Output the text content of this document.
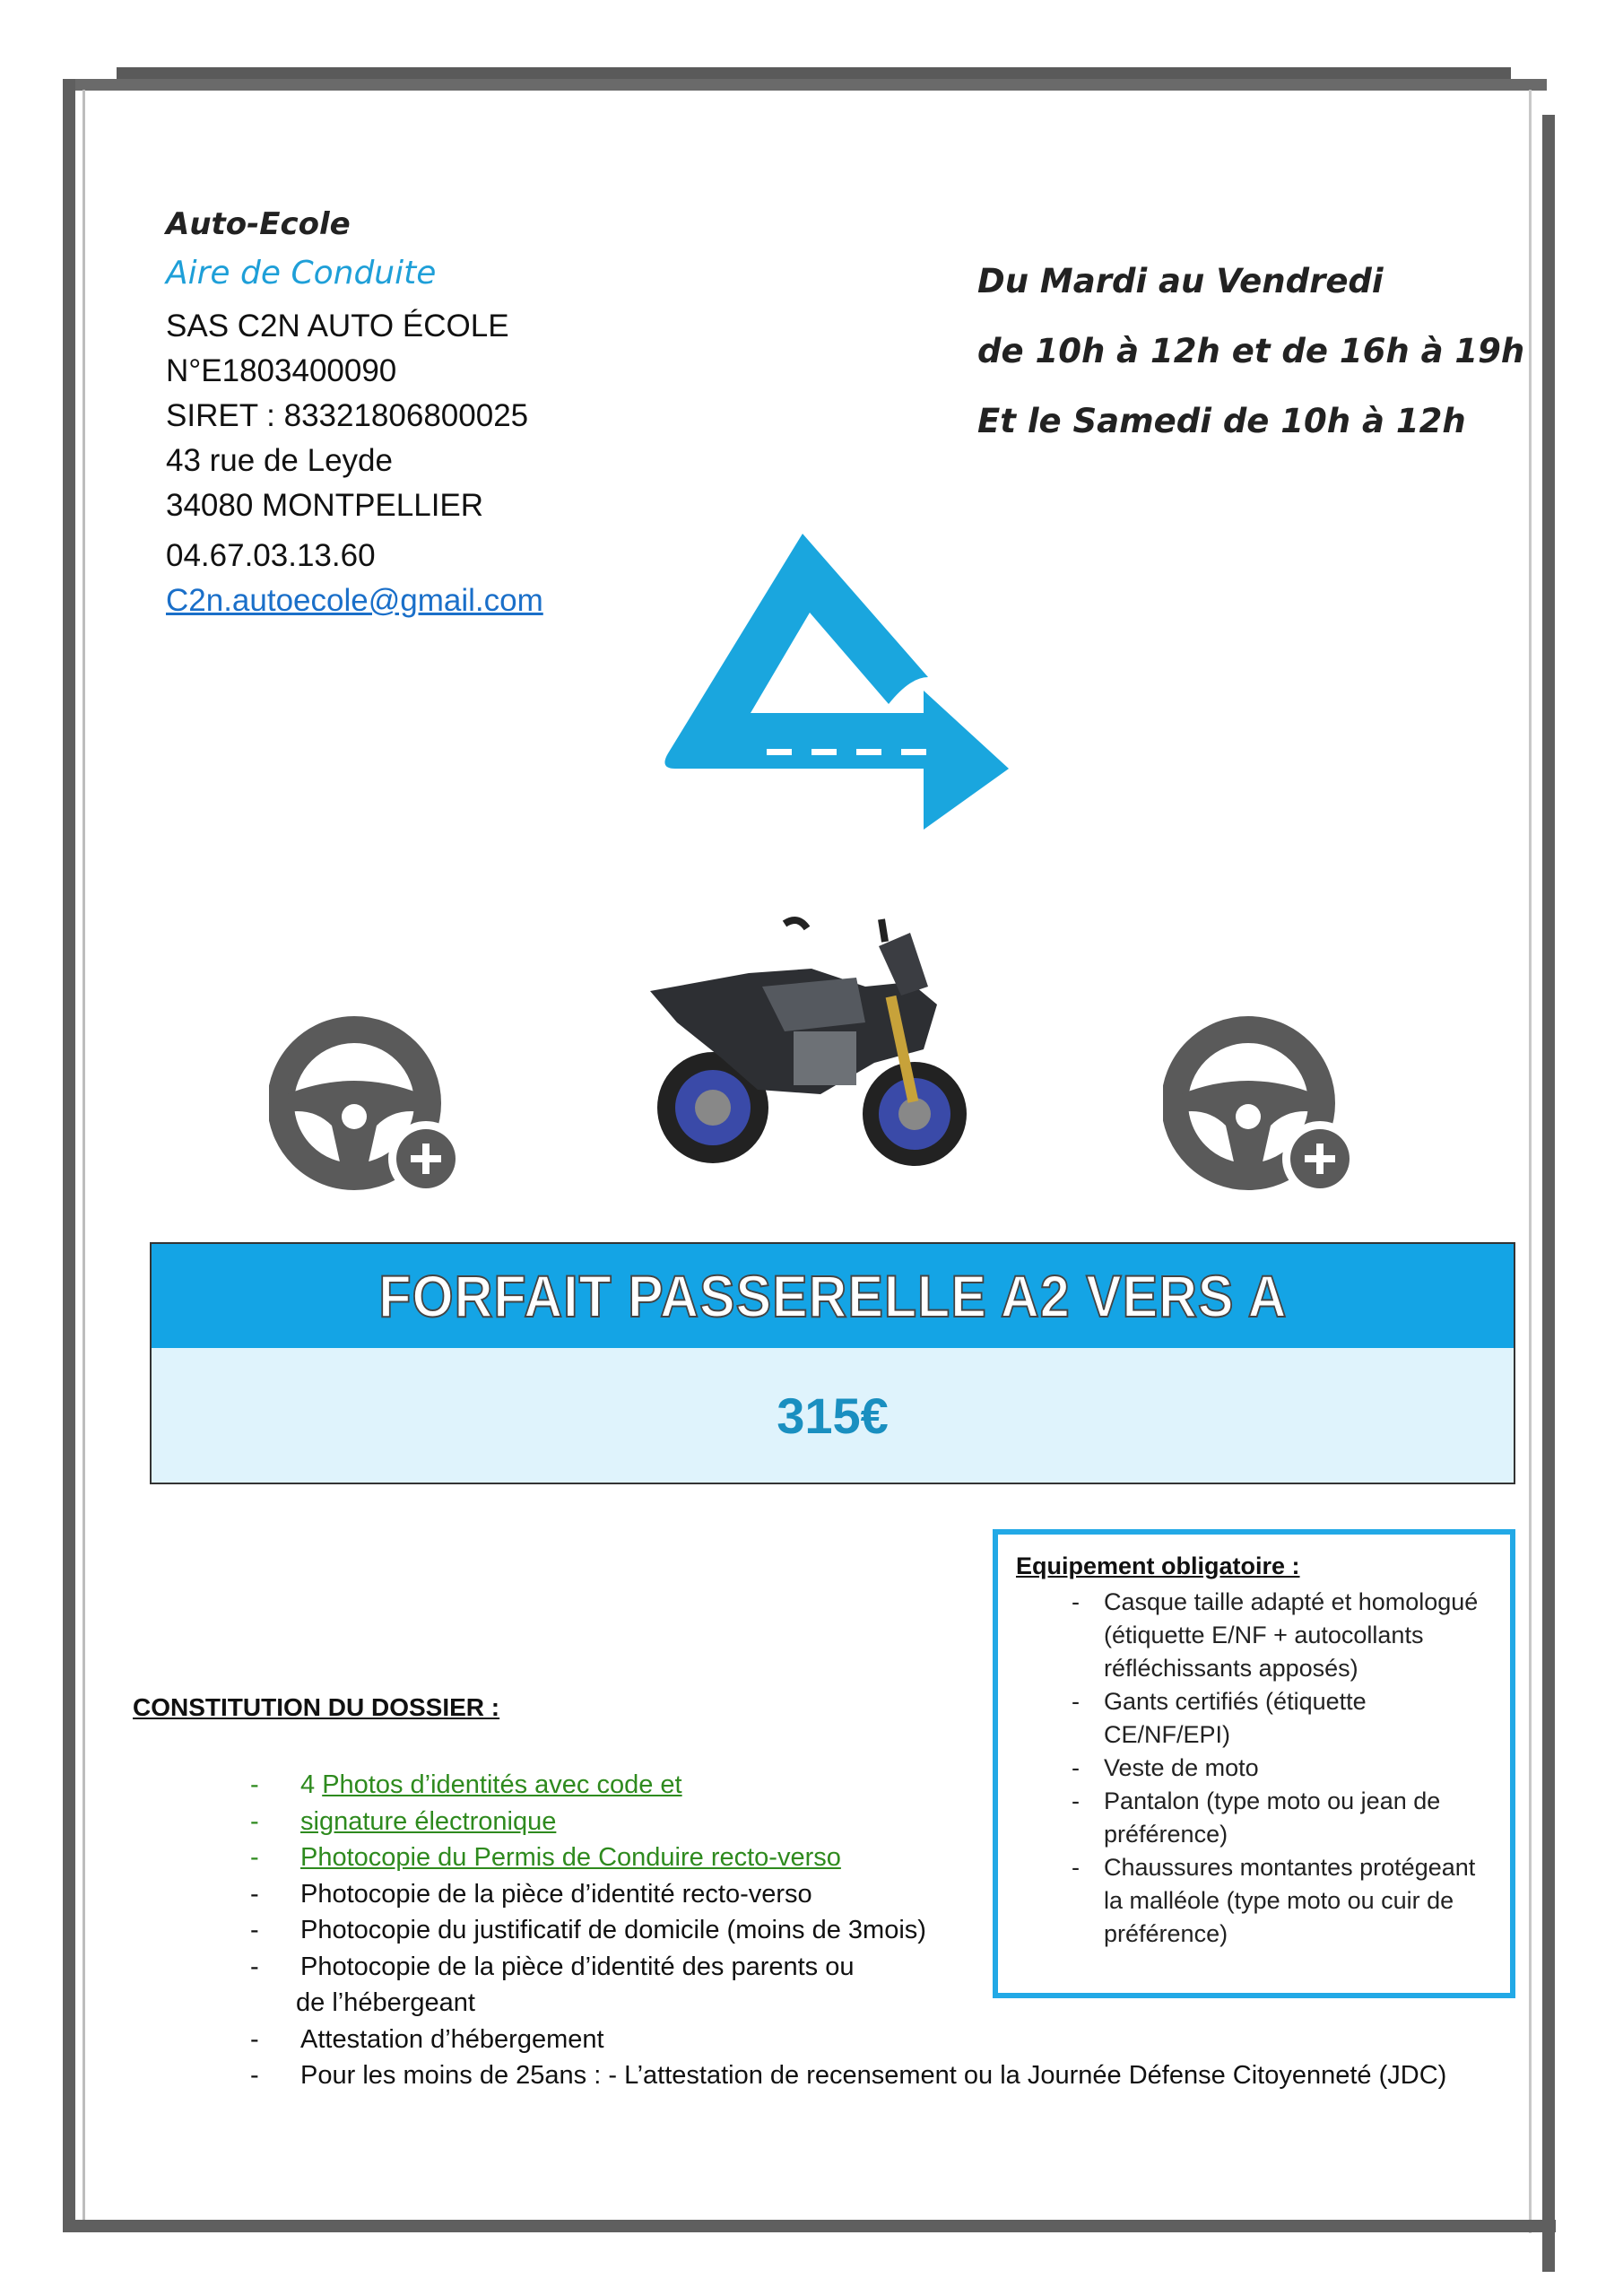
Auto-Ecole
Aire de Conduite
SAS C2N AUTO ÉCOLE
N°E1803400090
SIRET : 83321806800025
43 rue de Leyde
34080 MONTPELLIER
04.67.03.13.60
C2n.autoecole@gmail.com
Du Mardi au Vendredi
de 10h à 12h et de 16h à 19h
Et le Samedi de 10h à 12h
FORFAIT PASSERELLE A2 VERS A
315€
Equipement obligatoire :
- Casque taille adapté et homologué (étiquette E/NF + autocollants réfléchissants apposés)
- Gants certifiés (étiquette CE/NF/EPI)
- Veste de moto
- Pantalon (type moto ou jean de préférence)
- Chaussures montantes protégeant la malléole (type moto ou cuir de préférence)
CONSTITUTION DU DOSSIER :
- 4 Photos d’identités avec code et
- signature électronique
- Photocopie du Permis de Conduire recto-verso
- Photocopie de la pièce d’identité recto-verso
- Photocopie du justificatif de domicile (moins de 3mois)
- Photocopie de la pièce d’identité des parents ou
de l’hébergeant
- Attestation d’hébergement
- Pour les moins de 25ans : - L’attestation de recensement ou la Journée Défense Citoyenneté (JDC)
